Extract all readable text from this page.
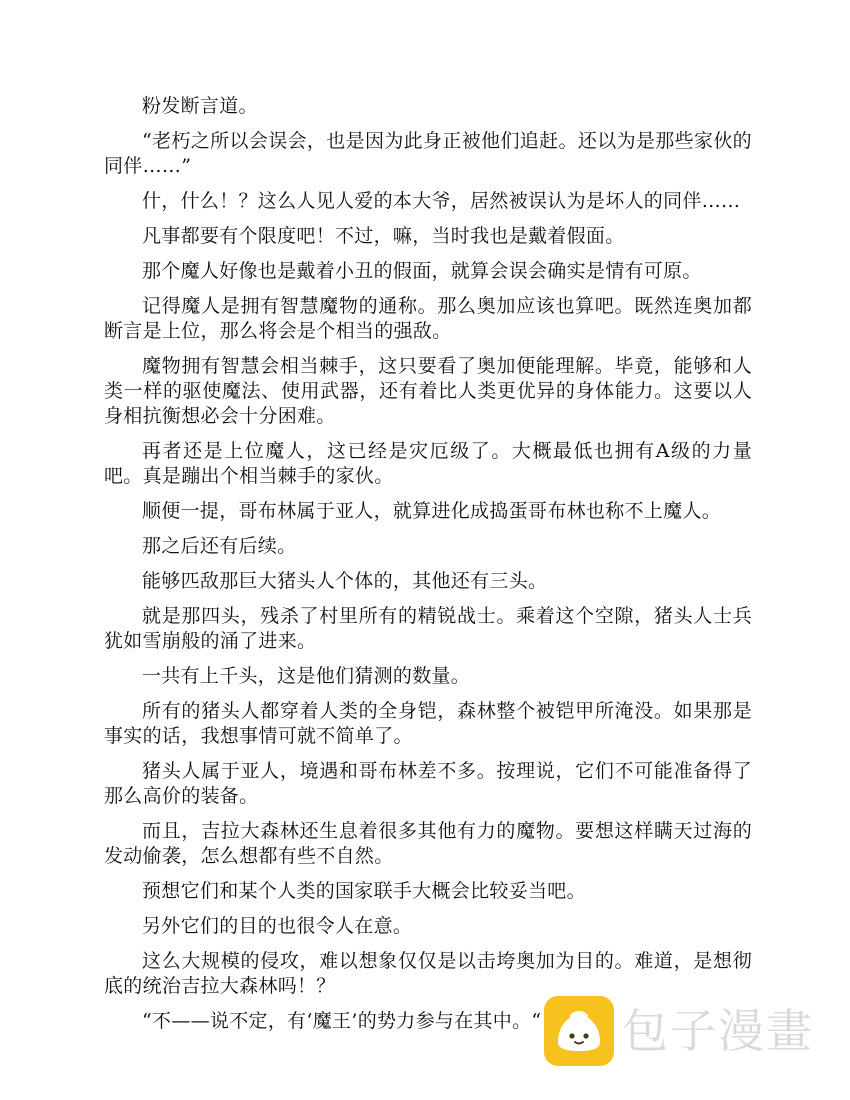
粉发断言道。

“老朽之所以会误会，也是因为此身正被他们追赶。还以为是那些家伙的同伴……”

什，什么！？这么人见人爱的本大爷，居然被误认为是坏人的同伴……

凡事都要有个限度吧！不过，嘛，当时我也是戴着假面。

那个魔人好像也是戴着小丑的假面，就算会误会确实是情有可原。

记得魔人是拥有智慧魔物的通称。那么奥加应该也算吧。既然连奥加都断言是上位，那么将会是个相当的强敌。

魔物拥有智慧会相当棘手，这只要看了奥加便能理解。毕竟，能够和人类一样的驱使魔法、使用武器，还有着比人类更优异的身体能力。这要以人身相抗衡想必会十分困难。

再者还是上位魔人，这已经是灾厄级了。大概最低也拥有A级的力量吧。真是蹦出个相当棘手的家伙。

顺便一提，哥布林属于亚人，就算进化成捣蛋哥布林也称不上魔人。

那之后还有后续。

能够匹敌那巨大猪头人个体的，其他还有三头。

就是那四头，残杀了村里所有的精锐战士。乘着这个空隙，猪头人士兵犹如雪崩般的涌了进来。

一共有上千头，这是他们猜测的数量。

所有的猪头人都穿着人类的全身铠，森林整个被铠甲所淹没。如果那是事实的话，我想事情可就不简单了。

猪头人属于亚人，境遇和哥布林差不多。按理说，它们不可能准备得了那么高价的装备。

而且，吉拉大森林还生息着很多其他有力的魔物。要想这样瞒天过海的发动偷袭，怎么想都有些不自然。

预想它们和某个人类的国家联手大概会比较妥当吧。

另外它们的目的也很令人在意。

这么大规模的侵攻，难以想象仅仅是以击垮奥加为目的。难道，是想彻底的统治吉拉大森林吗！？

“不——说不定，有‘魔王’的势力参与在其中。“	包子漫畫
